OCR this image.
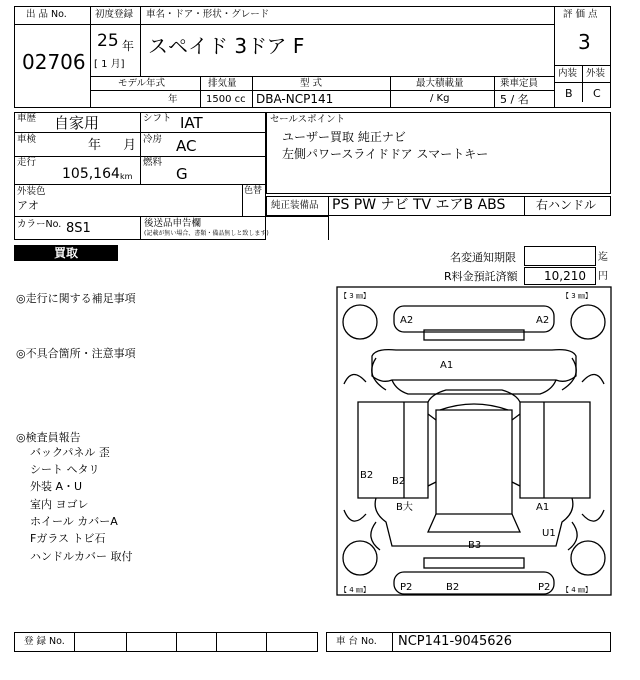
出 品 No.
02706
初度登録
25 年
[ 1 月]
車名・ドア・形状・グレード
スペイド 3ドア F
評 価 点
3
内装 外装
B C
モデル年式
年
排気量
1500 cc
型 式
DBA-NCP141
最大積載量
/ Kg
乗車定員
5 / 名
車歴 自家用	シフト IAT
車検	年 月 冷房 AC
走行
105,164 km
燃料
G
外装色
アオ
色替
カラーNo. 8S1	後送品申告欄
(記載が無い場合、書類・備品無しと致します)
セールスポイント
ユーザー買取 純正ナビ
左側パワースライドドア スマートキー
純正装備品 PS PW ナビ TV エアB ABS	右ハンドル
買取	名変通知期限	迄
R料金預託済額 10,210 円
◎走行に関する補足事項
◎不具合箇所・注意事項
◎検査員報告
バックパネル 歪
シート ヘタリ
外装 A・U
室内 ヨゴレ
ホイール カバーA
Fガラス トビ石
ハンドルカバー 取付
【 3 ㎜】	【 3 ㎜】
【 4 ㎜】	【 4 ㎜】
A2	A2
A1
B2
B2
B大	A1
U1
B3
P2	B2	P2
登 録 No.	車 台 No. NCP141-9045626
